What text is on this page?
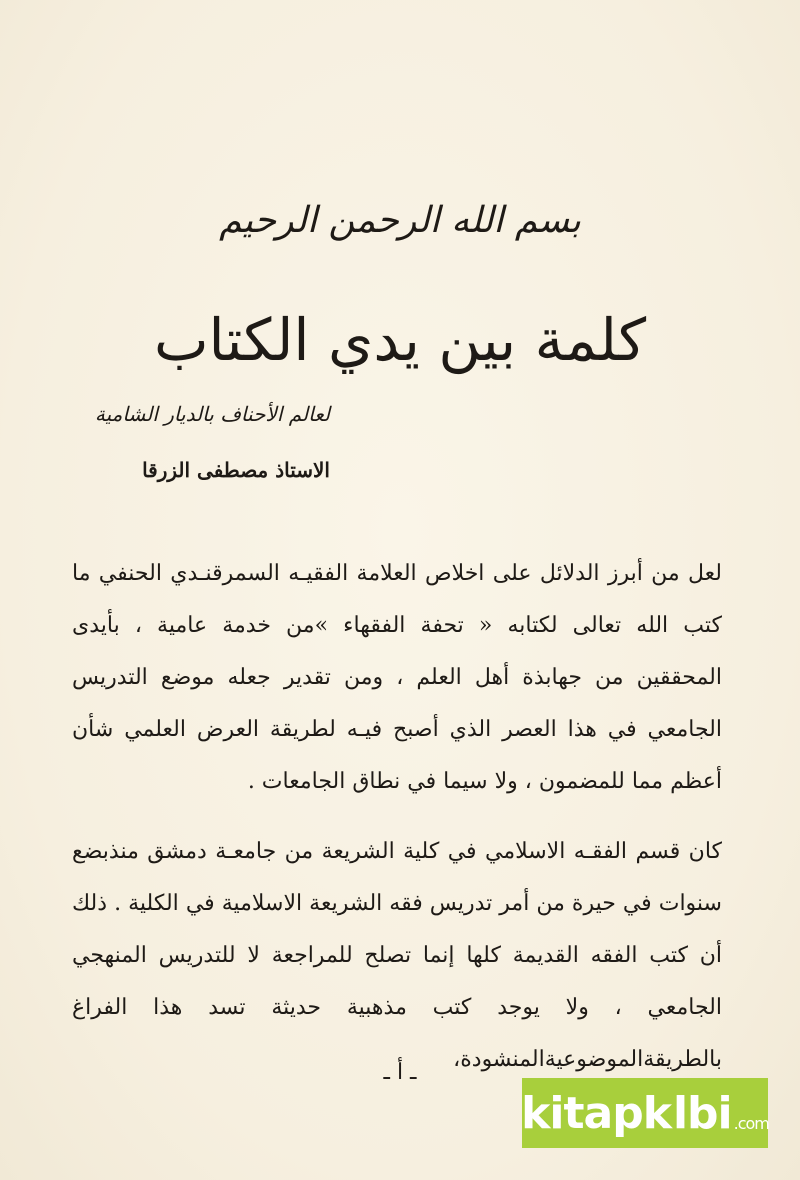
بسم الله الرحمن الرحيم
كلمة بين يدي الكتاب
لعالم الأحناف بالديار الشامية
الاستاذ مصطفى الزرقا

لعل من أبرز الدلائل على اخلاص العلامة الفقيـه السمرقنـدي الحنفي ما كتب الله تعالى لكتابه « تحفة الفقهاء »من خدمة عامية ، بأيدى المحققين من جهابذة أهل العلم ، ومن تقدير جعله موضع التدريس الجامعي في هذا العصر الذي أصبح فيـه لطريقة العرض العلمي شأن أعظم مما للمضمون ، ولا سيما في نطاق الجامعات .

كان قسم الفقـه الاسلامي في كلية الشريعة من جامعـة دمشق منذبضع سنوات في حيرة من أمر تدريس فقه الشريعة الاسلامية في الكلية . ذلك أن كتب الفقه القديمة كلها إنما تصلح للمراجعة لا للتدريس المنهجي الجامعي ، ولا يوجد كتب مذهبية حديثة تسد هذا الفراغ بالطريقةالموضوعيةالمنشودة،

ـ أ ـ
kitapk lbi .com
